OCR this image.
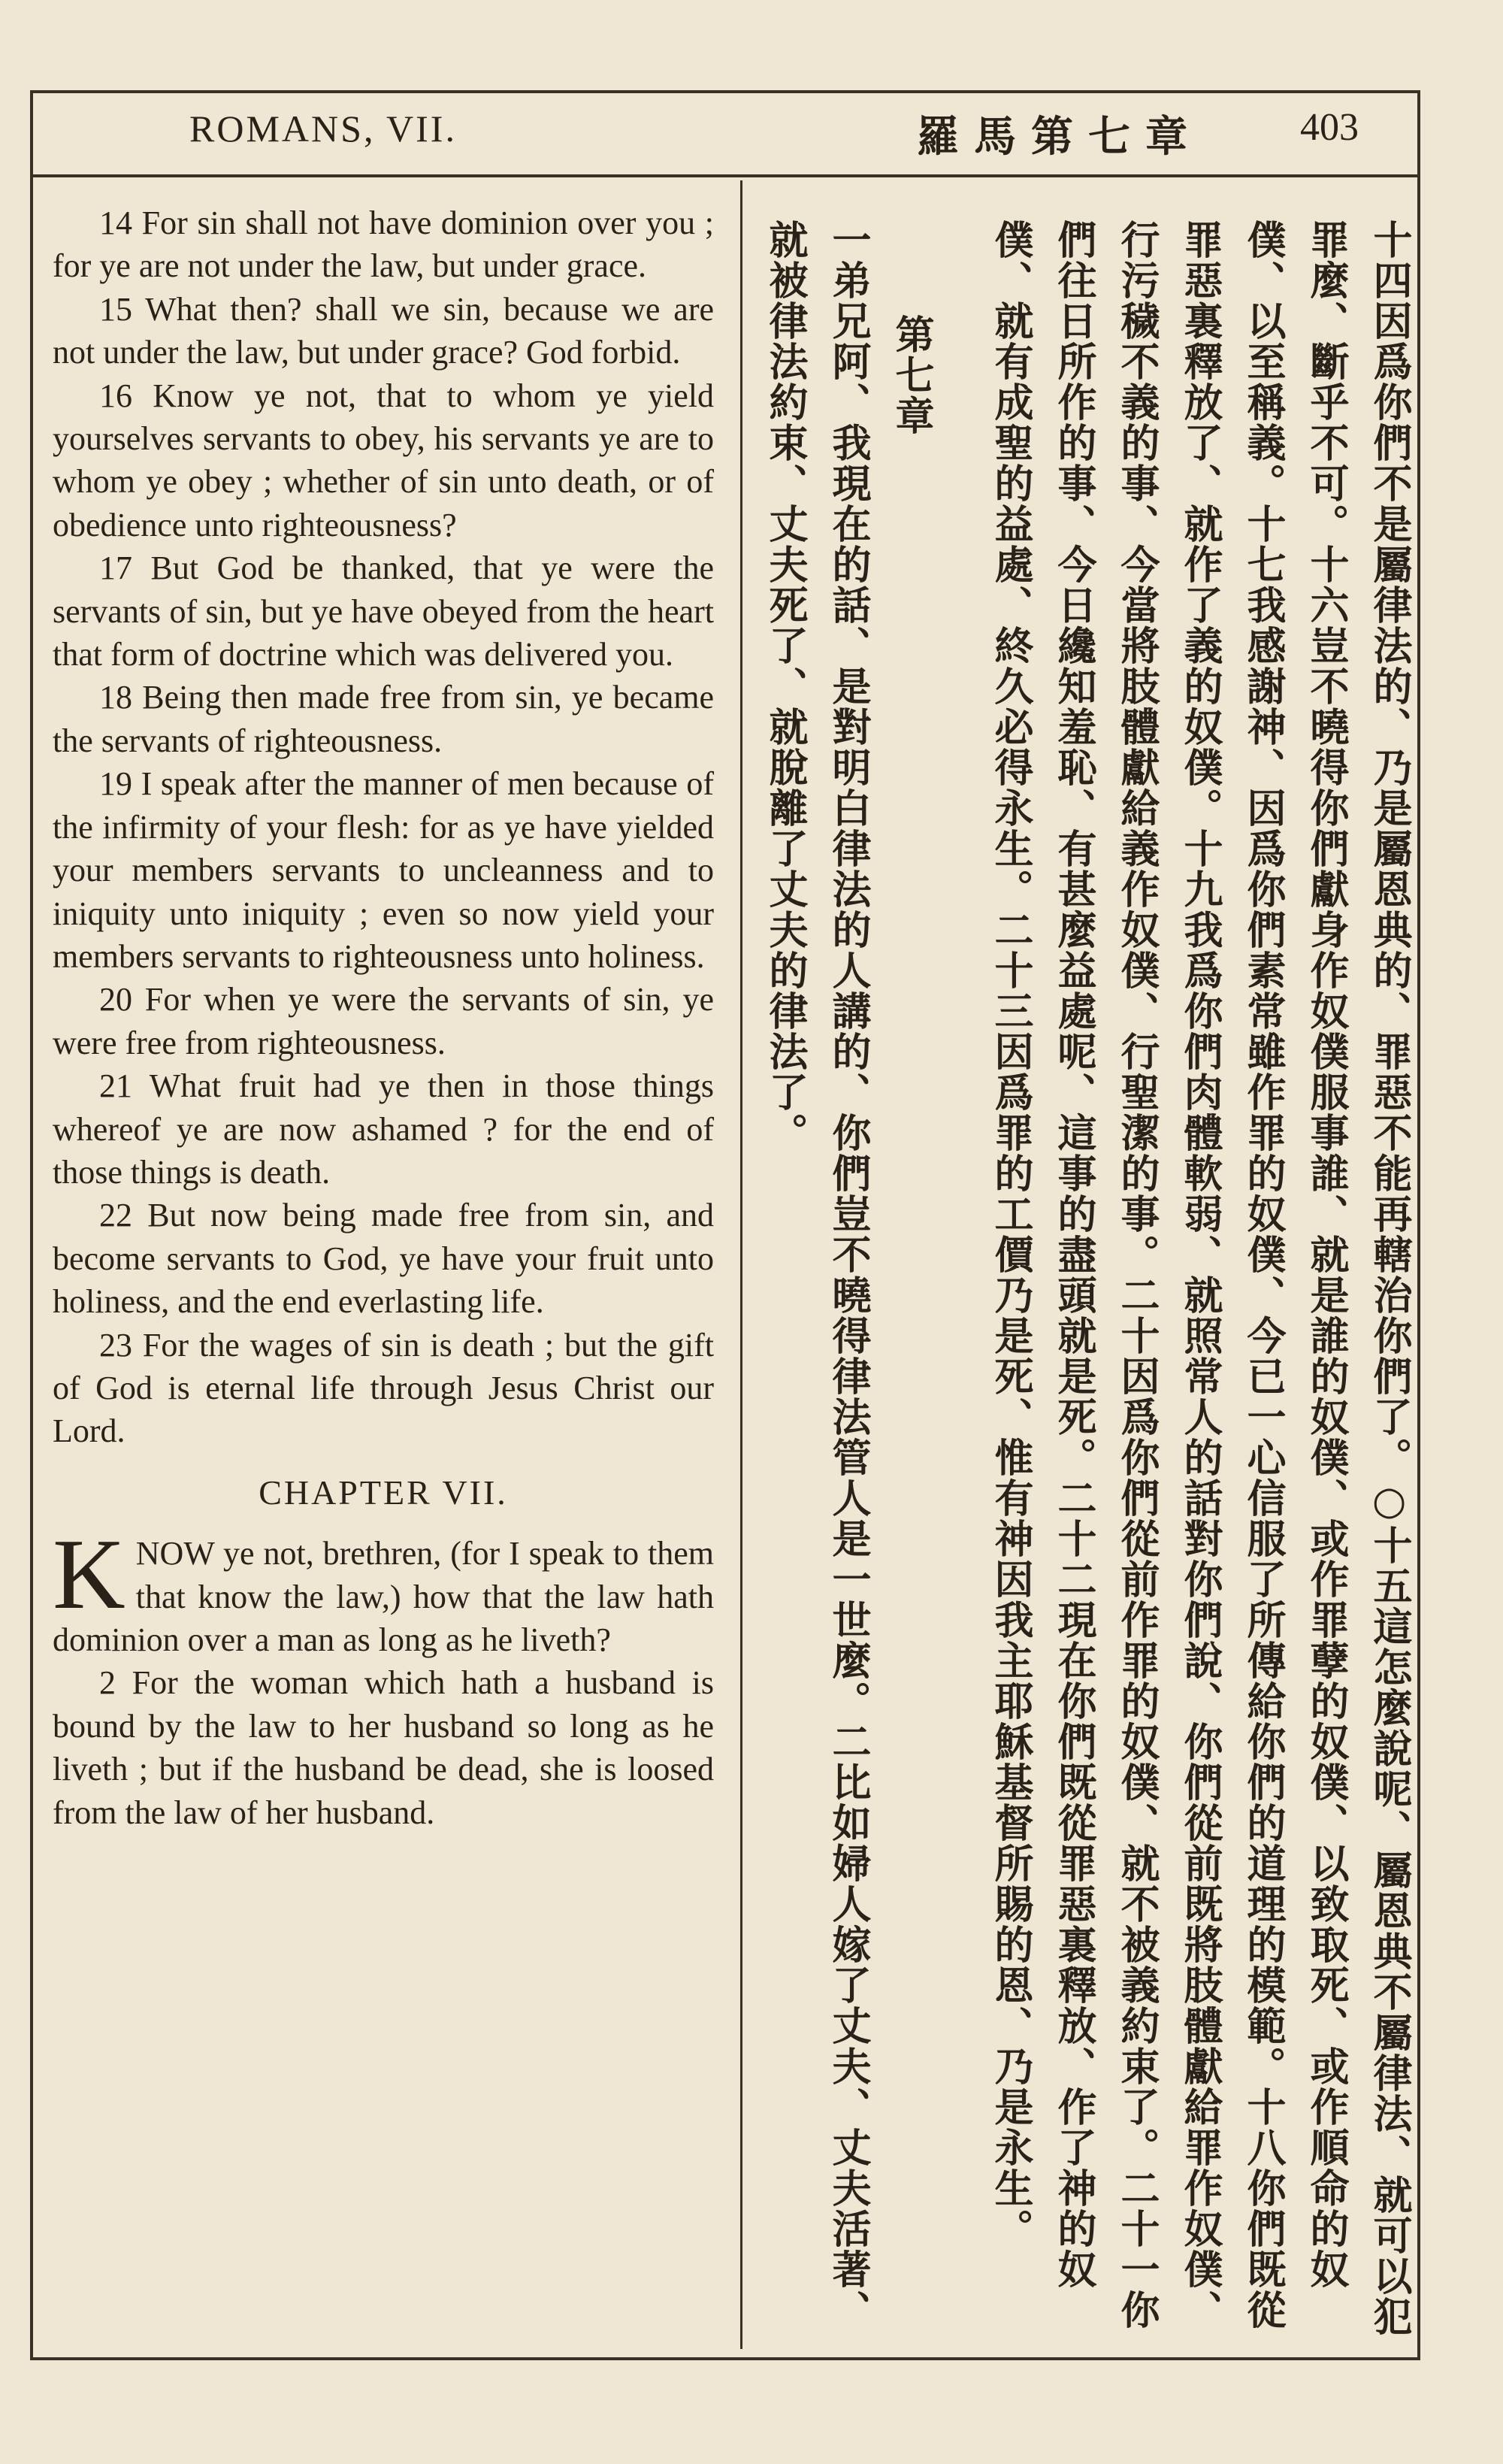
ROMANS, VII.	羅馬第七章	403

14 For sin shall not have dominion over you ; for ye are not under the law, but under grace.

15 What then? shall we sin, because we are not under the law, but under grace? God forbid.

16 Know ye not, that to whom ye yield yourselves servants to obey, his servants ye are to whom ye obey ; whether of sin unto death, or of obedience unto righteousness?

17 But God be thanked, that ye were the servants of sin, but ye have obeyed from the heart that form of doctrine which was delivered you.

18 Being then made free from sin, ye became the servants of righteousness.

19 I speak after the manner of men because of the infirmity of your flesh: for as ye have yielded your members servants to uncleanness and to iniquity unto iniquity ; even so now yield your members servants to righteousness unto holiness.

20 For when ye were the servants of sin, ye were free from righteousness.

21 What fruit had ye then in those things whereof ye are now ashamed ? for the end of those things is death.

22 But now being made free from sin, and become servants to God, ye have your fruit unto holiness, and the end everlasting life.

23 For the wages of sin is death ; but the gift of God is eternal life through Jesus Christ our Lord.

CHAPTER VII.

KNOW ye not, brethren, (for I speak to them that know the law,) how that the law hath dominion over a man as long as he liveth?

2 For the woman which hath a husband is bound by the law to her husband so long as he liveth ; but if the husband be dead, she is loosed from the law of her husband.	十四因爲你們不是屬律法的、乃是屬恩典的、罪惡不能再轄治你們了。○十五這怎麼說呢、屬恩典不屬律法、就可以犯罪麼、斷乎不可。十六豈不曉得你們獻身作奴僕服事誰、就是誰的奴僕、或作罪孽的奴僕、以致取死、或作順命的奴僕、以至稱義。十七我感謝神、因爲你們素常雖作罪的奴僕、今已一心信服了所傳給你們的道理的模範。十八你們既從罪惡裏釋放了、就作了義的奴僕。十九我爲你們肉體軟弱、就照常人的話對你們說、你們從前既將肢體獻給罪作奴僕、行污穢不義的事、今當將肢體獻給義作奴僕、行聖潔的事。二十因爲你們從前作罪的奴僕、就不被義約束了。二十一你們往日所作的事、今日纔知羞恥、有甚麼益處呢、這事的盡頭就是死。二十二現在你們既從罪惡裏釋放、作了神的奴僕、就有成聖的益處、終久必得永生。二十三因爲罪的工價乃是死、惟有神因我主耶穌基督所賜的恩、乃是永生。
第七章
一弟兄阿、我現在的話、是對明白律法的人講的、你們豈不曉得律法管人是一世麼。二比如婦人嫁了丈夫、丈夫活著、就被律法約束、丈夫死了、就脫離了丈夫的律法了。
